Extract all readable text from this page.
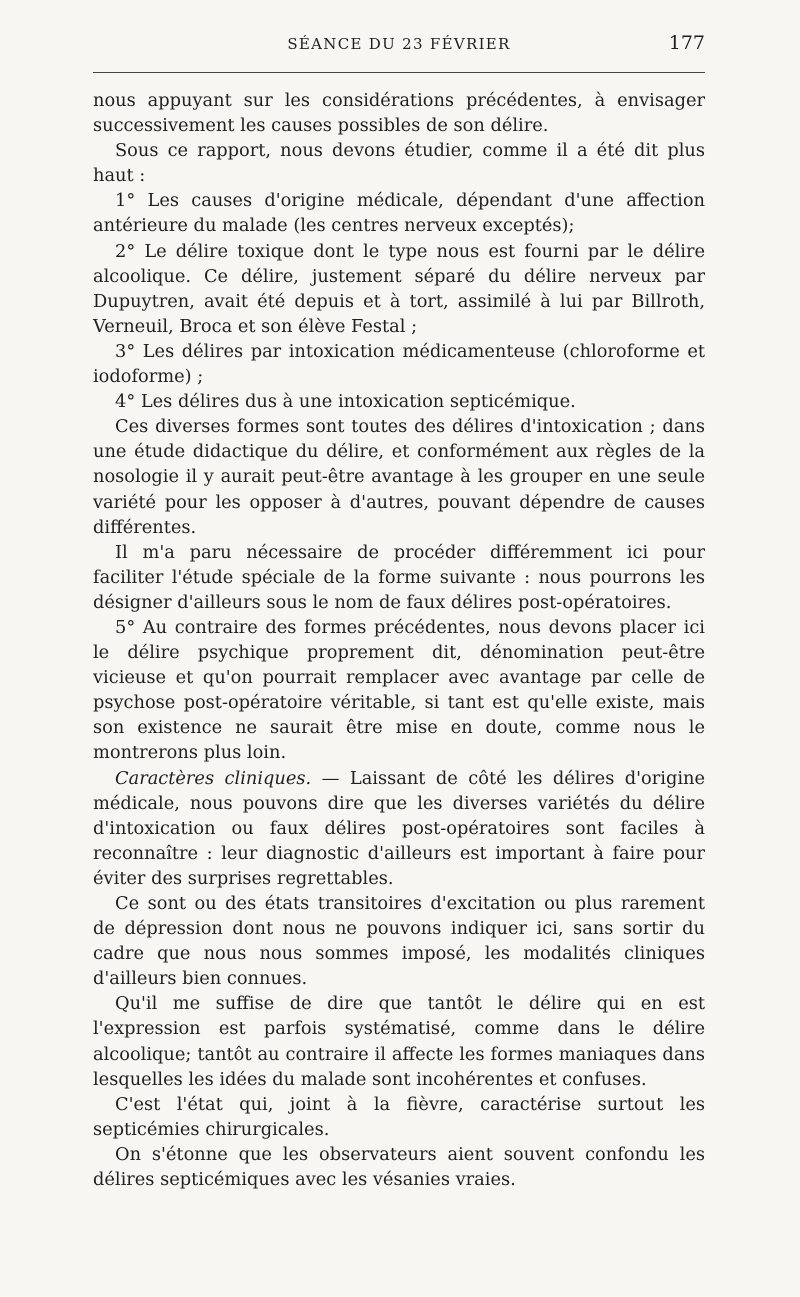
SÉANCE DU 23 FÉVRIER	177

nous appuyant sur les considérations précédentes, à envisager successivement les causes possibles de son délire.

Sous ce rapport, nous devons étudier, comme il a été dit plus haut :

1° Les causes d'origine médicale, dépendant d'une affection antérieure du malade (les centres nerveux exceptés);

2° Le délire toxique dont le type nous est fourni par le délire alcoolique. Ce délire, justement séparé du délire nerveux par Dupuytren, avait été depuis et à tort, assimilé à lui par Billroth, Verneuil, Broca et son élève Festal ;

3° Les délires par intoxication médicamenteuse (chloroforme et iodoforme) ;

4° Les délires dus à une intoxication septicémique.

Ces diverses formes sont toutes des délires d'intoxication ; dans une étude didactique du délire, et conformément aux règles de la nosologie il y aurait peut-être avantage à les grouper en une seule variété pour les opposer à d'autres, pouvant dépendre de causes différentes.

Il m'a paru nécessaire de procéder différemment ici pour faciliter l'étude spéciale de la forme suivante : nous pourrons les désigner d'ailleurs sous le nom de faux délires post-opératoires.

5° Au contraire des formes précédentes, nous devons placer ici le délire psychique proprement dit, dénomination peut-être vicieuse et qu'on pourrait remplacer avec avantage par celle de psychose post-opératoire véritable, si tant est qu'elle existe, mais son existence ne saurait être mise en doute, comme nous le montrerons plus loin.

Caractères cliniques. — Laissant de côté les délires d'origine médicale, nous pouvons dire que les diverses variétés du délire d'intoxication ou faux délires post-opératoires sont faciles à reconnaître : leur diagnostic d'ailleurs est important à faire pour éviter des surprises regrettables.

Ce sont ou des états transitoires d'excitation ou plus rarement de dépression dont nous ne pouvons indiquer ici, sans sortir du cadre que nous nous sommes imposé, les modalités cliniques d'ailleurs bien connues.

Qu'il me suffise de dire que tantôt le délire qui en est l'expression est parfois systématisé, comme dans le délire alcoolique; tantôt au contraire il affecte les formes maniaques dans lesquelles les idées du malade sont incohérentes et confuses.

C'est l'état qui, joint à la fièvre, caractérise surtout les septicémies chirurgicales.

On s'étonne que les observateurs aient souvent confondu les délires septicémiques avec les vésanies vraies.
